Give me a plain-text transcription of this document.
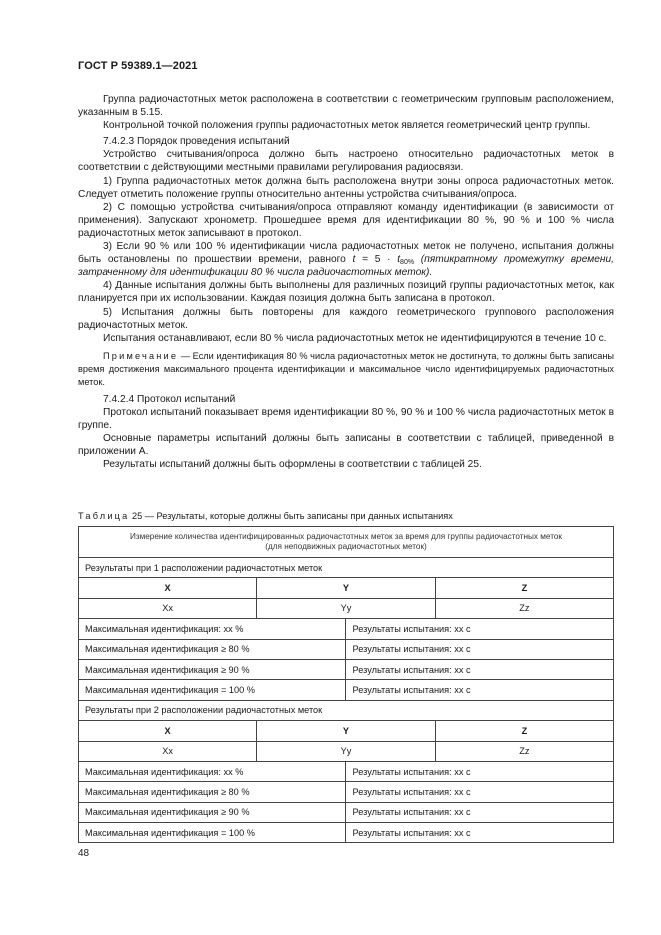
ГОСТ Р 59389.1—2021

Группа радиочастотных меток расположена в соответствии с геометрическим групповым расположением, указанным в 5.15.

Контрольной точкой положения группы радиочастотных меток является геометрический центр группы.

7.4.2.3 Порядок проведения испытаний

Устройство считывания/опроса должно быть настроено относительно радиочастотных меток в соответствии с действующими местными правилами регулирования радиосвязи.

1) Группа радиочастотных меток должна быть расположена внутри зоны опроса радиочастотных меток. Следует отметить положение группы относительно антенны устройства считывания/опроса.

2) С помощью устройства считывания/опроса отправляют команду идентификации (в зависимости от применения). Запускают хронометр. Прошедшее время для идентификации 80 %, 90 % и 100 % числа радиочастотных меток записывают в протокол.

3) Если 90 % или 100 % идентификации числа радиочастотных меток не получено, испытания должны быть остановлены по прошествии времени, равного $t = 5 \cdot t_{80\%}$ (пятикратному промежутку времени, затраченному для идентификации 80 % числа радиочастотных меток).

4) Данные испытания должны быть выполнены для различных позиций группы радиочастотных меток, как планируется при их использовании. Каждая позиция должна быть записана в протокол.

5) Испытания должны быть повторены для каждого геометрического группового расположения радиочастотных меток.

Испытания останавливают, если 80 % числа радиочастотных меток не идентифицируются в течение 10 с.

Примечание — Если идентификация 80 % числа радиочастотных меток не достигнута, то должны быть записаны время достижения максимального процента идентификации и максимальное число идентифицируемых радиочастотных меток.

7.4.2.4 Протокол испытаний

Протокол испытаний показывает время идентификации 80 %, 90 % и 100 % числа радиочастотных меток в группе.

Основные параметры испытаний должны быть записаны в соответствии с таблицей, приведенной в приложении А.

Результаты испытаний должны быть оформлены в соответствии с таблицей 25.

Таблица 25 — Результаты, которые должны быть записаны при данных испытаниях
Измерение количества идентифицированных радиочастотных меток за время для группы радиочастотных меток
(для неподвижных радиочастотных меток)			

Результаты при 1 расположении радиочастотных меток			
X	Y		Z
Xx	Yy		Zz
Максимальная идентификация: xx %		Результаты испытания: xx c	
Максимальная идентификация ≥ 80 %		Результаты испытания: xx c	
Максимальная идентификация ≥ 90 %		Результаты испытания: xx c	
Максимальная идентификация = 100 %		Результаты испытания: xx c	
Результаты при 2 расположении радиочастотных меток			
X	Y		Z
Xx	Yy		Zz
Максимальная идентификация: xx %		Результаты испытания: xx c	
Максимальная идентификация ≥ 80 %		Результаты испытания: xx c	
Максимальная идентификация ≥ 90 %		Результаты испытания: xx c	
Максимальная идентификация = 100 %		Результаты испытания: xx c	
48
